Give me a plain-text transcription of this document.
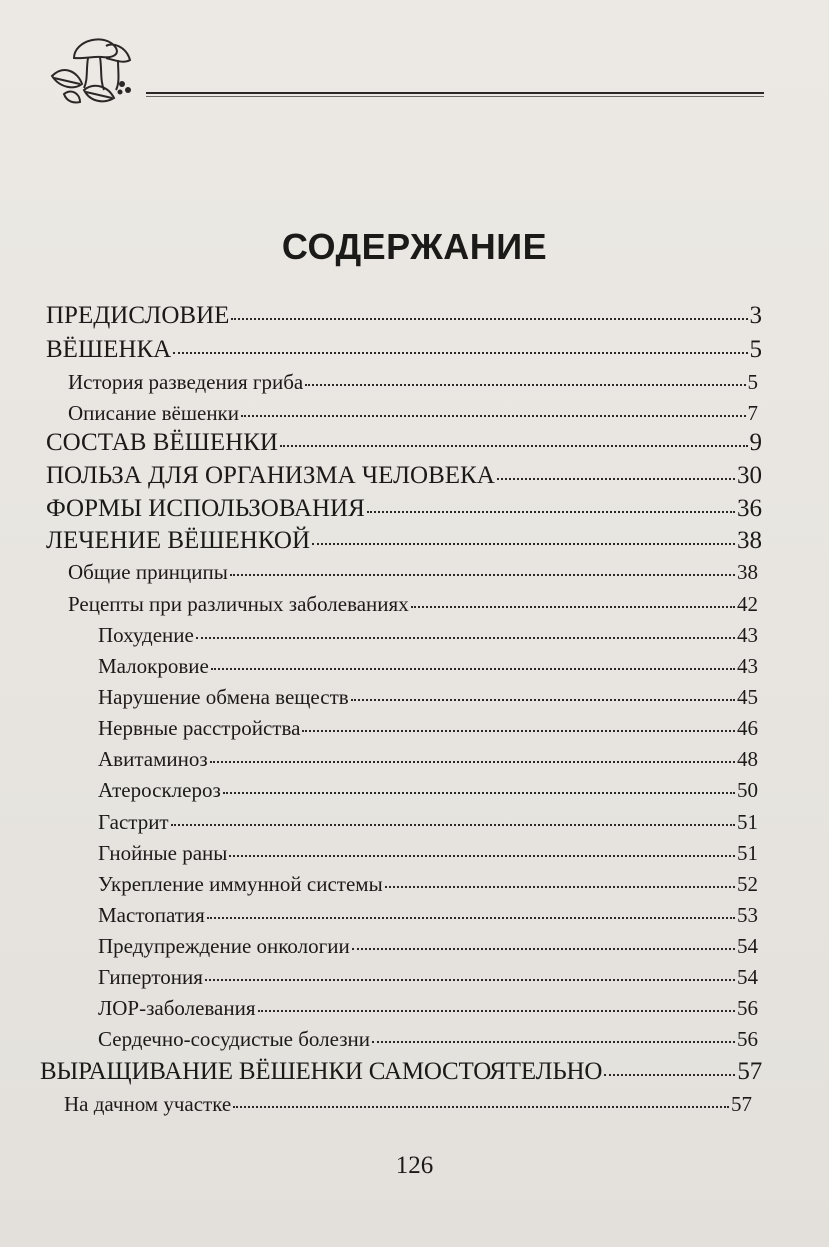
СОДЕРЖАНИЕ
ПРЕДИСЛОВИЕ	3
ВЁШЕНКА	5
История разведения гриба	5
Описание вёшенки	7
СОСТАВ ВЁШЕНКИ	9
ПОЛЬЗА ДЛЯ ОРГАНИЗМА ЧЕЛОВЕКА	30
ФОРМЫ ИСПОЛЬЗОВАНИЯ	36
ЛЕЧЕНИЕ ВЁШЕНКОЙ	38
Общие принципы	38
Рецепты при различных заболеваниях	42
Похудение	43
Малокровие	43
Нарушение обмена веществ	45
Нервные расстройства	46
Авитаминоз	48
Атеросклероз	50
Гастрит	51
Гнойные раны	51
Укрепление иммунной системы	52
Мастопатия	53
Предупреждение онкологии	54
Гипертония	54
ЛОР-заболевания	56
Сердечно-сосудистые болезни	56
ВЫРАЩИВАНИЕ ВЁШЕНКИ САМОСТОЯТЕЛЬНО	57
На дачном участке	57
126
